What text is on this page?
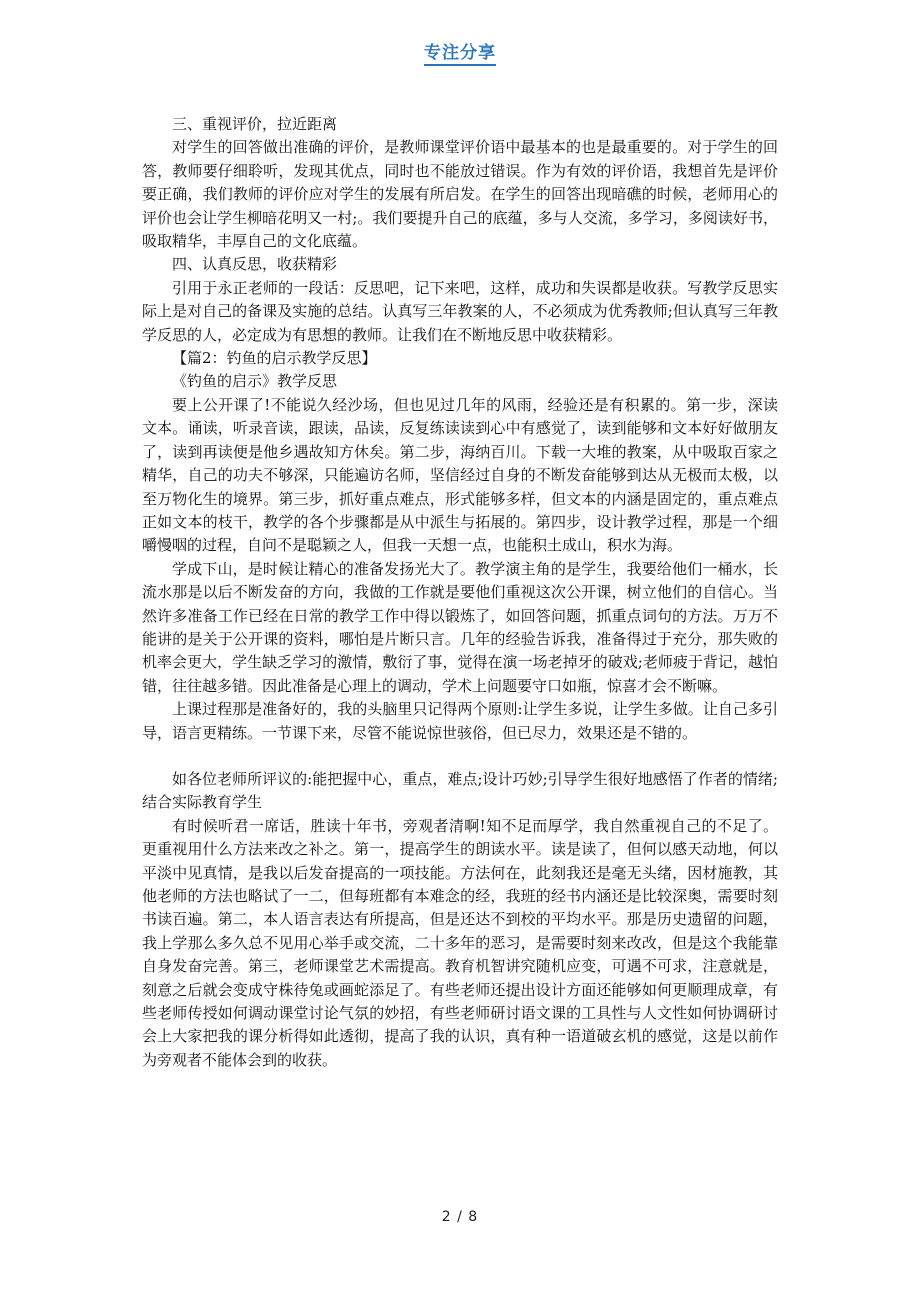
专注分享

三、重视评价，拉近距离

对学生的回答做出准确的评价，是教师课堂评价语中最基本的也是最重要的。对于学生的回答，教师要仔细聆听，发现其优点，同时也不能放过错误。作为有效的评价语，我想首先是评价要正确，我们教师的评价应对学生的发展有所启发。在学生的回答出现暗礁的时候，老师用心的评价也会让学生柳暗花明又一村;。我们要提升自己的底蕴，多与人交流，多学习，多阅读好书，吸取精华，丰厚自己的文化底蕴。

四、认真反思，收获精彩

引用于永正老师的一段话：反思吧，记下来吧，这样，成功和失误都是收获。写教学反思实际上是对自己的备课及实施的总结。认真写三年教案的人，不必须成为优秀教师;但认真写三年教学反思的人，必定成为有思想的教师。让我们在不断地反思中收获精彩。

【篇2：钓鱼的启示教学反思】

《钓鱼的启示》教学反思

要上公开课了!不能说久经沙场，但也见过几年的风雨，经验还是有积累的。第一步，深读文本。诵读，听录音读，跟读，品读，反复练读读到心中有感觉了，读到能够和文本好好做朋友了，读到再读便是他乡遇故知方休矣。第二步，海纳百川。下载一大堆的教案，从中吸取百家之精华，自己的功夫不够深，只能遍访名师，坚信经过自身的不断发奋能够到达从无极而太极，以至万物化生的境界。第三步，抓好重点难点，形式能够多样，但文本的内涵是固定的，重点难点正如文本的枝干，教学的各个步骤都是从中派生与拓展的。第四步，设计教学过程，那是一个细嚼慢咽的过程，自问不是聪颖之人，但我一天想一点，也能积土成山，积水为海。

学成下山，是时候让精心的准备发扬光大了。教学演主角的是学生，我要给他们一桶水，长流水那是以后不断发奋的方向，我做的工作就是要他们重视这次公开课，树立他们的自信心。当然许多准备工作已经在日常的教学工作中得以锻炼了，如回答问题，抓重点词句的方法。万万不能讲的是关于公开课的资料，哪怕是片断只言。几年的经验告诉我，准备得过于充分，那失败的机率会更大，学生缺乏学习的激情，敷衍了事，觉得在演一场老掉牙的破戏;老师疲于背记，越怕错，往往越多错。因此准备是心理上的调动，学术上问题要守口如瓶，惊喜才会不断嘛。

上课过程那是准备好的，我的头脑里只记得两个原则:让学生多说，让学生多做。让自己多引导，语言更精练。一节课下来，尽管不能说惊世骇俗，但已尽力，效果还是不错的。

如各位老师所评议的:能把握中心，重点，难点;设计巧妙;引导学生很好地感悟了作者的情绪;结合实际教育学生

有时候听君一席话，胜读十年书，旁观者清啊!知不足而厚学，我自然重视自己的不足了。更重视用什么方法来改之补之。第一，提高学生的朗读水平。读是读了，但何以感天动地，何以平淡中见真情，是我以后发奋提高的一项技能。方法何在，此刻我还是毫无头绪，因材施教，其他老师的方法也略试了一二，但每班都有本难念的经，我班的经书内涵还是比较深奥，需要时刻书读百遍。第二，本人语言表达有所提高，但是还达不到校的平均水平。那是历史遗留的问题，我上学那么多久总不见用心举手或交流，二十多年的恶习，是需要时刻来改改，但是这个我能靠自身发奋完善。第三，老师课堂艺术需提高。教育机智讲究随机应变，可遇不可求，注意就是，刻意之后就会变成守株待兔或画蛇添足了。有些老师还提出设计方面还能够如何更顺理成章，有些老师传授如何调动课堂讨论气氛的妙招，有些老师研讨语文课的工具性与人文性如何协调研讨会上大家把我的课分析得如此透彻，提高了我的认识，真有种一语道破玄机的感觉，这是以前作为旁观者不能体会到的收获。

2 / 8
